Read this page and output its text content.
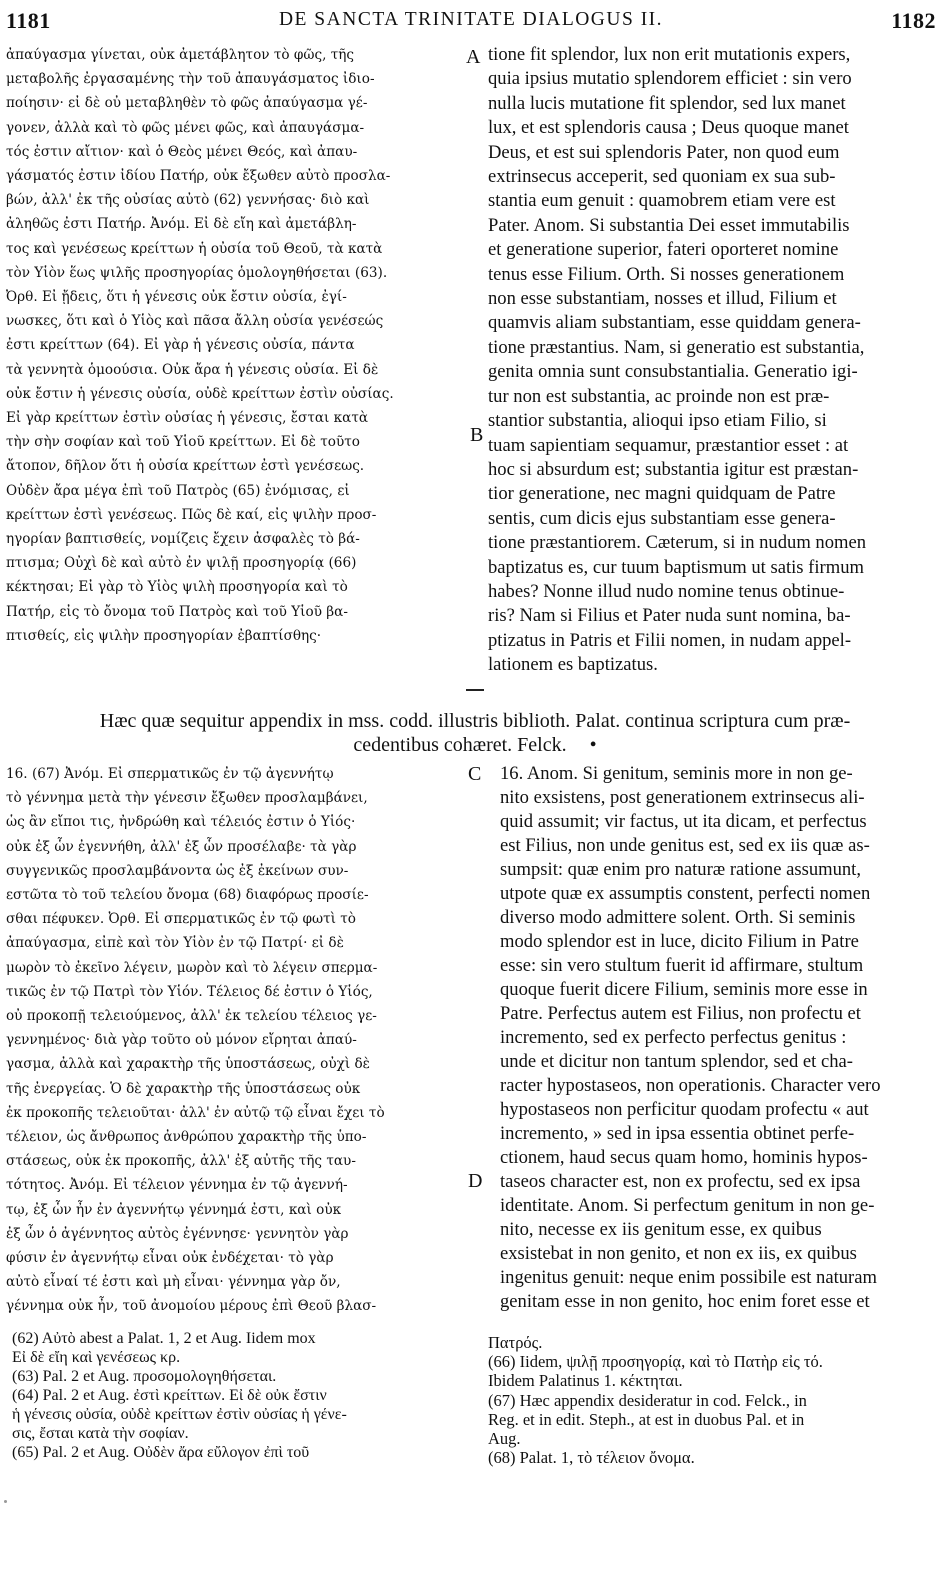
1181	DE SANCTA TRINITATE DIALOGUS II.	1182
ἀπαύγασμα γίνεται, οὐκ ἀμετάβλητον τὸ φῶς, τῆς
μεταβολῆς ἐργασαμένης τὴν τοῦ ἀπαυγάσματος ἰδιο-
ποίησιν· εἰ δὲ οὐ μεταβληθὲν τὸ φῶς ἀπαύγασμα γέ-
γονεν, ἀλλὰ καὶ τὸ φῶς μένει φῶς, καὶ ἀπαυγάσμα-
τός ἐστιν αἴτιον· καὶ ὁ Θεὸς μένει Θεός, καὶ ἀπαυ-
γάσματός ἐστιν ἰδίου Πατήρ, οὐκ ἔξωθεν αὐτὸ προσλα-
βών, ἀλλ' ἐκ τῆς οὐσίας αὐτὸ (62) γεννήσας· διὸ καὶ
ἀληθῶς ἐστι Πατήρ. Ἀνόμ. Εἰ δὲ εἴη καὶ ἀμετάβλη-
τος καὶ γενέσεως κρείττων ἡ οὐσία τοῦ Θεοῦ, τὰ κατὰ
τὸν Υἱὸν ἕως ψιλῆς προσηγορίας ὁμολογηθήσεται (63).
Ὀρθ. Εἰ ᾔδεις, ὅτι ἡ γένεσις οὐκ ἔστιν οὐσία, ἐγί-
νωσκες, ὅτι καὶ ὁ Υἱὸς καὶ πᾶσα ἄλλη οὐσία γενέσεώς
ἐστι κρείττων (64). Εἰ γὰρ ἡ γένεσις οὐσία, πάντα
τὰ γεννητὰ ὁμοούσια. Οὐκ ἄρα ἡ γένεσις οὐσία. Εἰ δὲ
οὐκ ἔστιν ἡ γένεσις οὐσία, οὐδὲ κρείττων ἐστὶν οὐσίας.
Εἰ γὰρ κρείττων ἐστὶν οὐσίας ἡ γένεσις, ἔσται κατὰ
τὴν σὴν σοφίαν καὶ τοῦ Υἱοῦ κρείττων. Εἰ δὲ τοῦτο
ἄτοπον, δῆλον ὅτι ἡ οὐσία κρείττων ἐστὶ γενέσεως.
Οὐδὲν ἄρα μέγα ἐπὶ τοῦ Πατρὸς (65) ἐνόμισας, εἰ
κρείττων ἐστὶ γενέσεως. Πῶς δὲ καί, εἰς ψιλὴν προσ-
ηγορίαν βαπτισθείς, νομίζεις ἔχειν ἀσφαλὲς τὸ βά-
πτισμα; Οὐχὶ δὲ καὶ αὐτὸ ἐν ψιλῇ προσηγορίᾳ (66)
κέκτησαι; Εἰ γὰρ τὸ Υἱὸς ψιλὴ προσηγορία καὶ τὸ
Πατήρ, εἰς τὸ ὄνομα τοῦ Πατρὸς καὶ τοῦ Υἱοῦ βα-
πτισθείς, εἰς ψιλὴν προσηγορίαν ἐβαπτίσθης·
A tione fit splendor, lux non erit mutationis expers,
quia ipsius mutatio splendorem efficiet : sin vero
nulla lucis mutatione fit splendor, sed lux manet
lux, et est splendoris causa ; Deus quoque manet
Deus, et est sui splendoris Pater, non quod eum
extrinsecus acceperit, sed quoniam ex sua sub-
stantia eum genuit : quamobrem etiam vere est
Pater. Anom. Si substantia Dei esset immutabilis
et generatione superior, fateri oporteret nomine
tenus esse Filium. Orth. Si nosses generationem
non esse substantiam, nosses et illud, Filium et
quamvis aliam substantiam, esse quiddam genera-
tione præstantius. Nam, si generatio est substantia,
genita omnia sunt consubstantialia. Generatio igi-
tur non est substantia, ac proinde non est præ-
stantior substantia, alioqui ipso etiam Filio, si
tuam sapientiam sequamur, præstantior esset : at
hoc si absurdum est; substantia igitur est præstan-
tior generatione, nec magni quidquam de Patre
sentis, cum dicis ejus substantiam esse genera-
tione præstantiorem. Cæterum, si in nudum nomen
baptizatus es, cur tuum baptismum ut satis firmum
habes? Nonne illud nudo nomine tenus obtinue-
ris? Nam si Filius et Pater nuda sunt nomina, ba-
ptizatus in Patris et Filii nomen, in nudam appel-
lationem es baptizatus.
B
Hæc quæ sequitur appendix in mss. codd. illustris biblioth. Palat. continua scriptura cum præ-
cedentibus cohæret. Felck. •
16. (67) Ἀνόμ. Εἰ σπερματικῶς ἐν τῷ ἀγεννήτῳ
τὸ γέννημα μετὰ τὴν γένεσιν ἔξωθεν προσλαμβάνει,
ὡς ἂν εἴποι τις, ἠνδρώθη καὶ τέλειός ἐστιν ὁ Υἱός·
οὐκ ἐξ ὧν ἐγεννήθη, ἀλλ' ἐξ ὧν προσέλαβε· τὰ γὰρ
συγγενικῶς προσλαμβάνοντα ὡς ἐξ ἐκείνων συν-
εστῶτα τὸ τοῦ τελείου ὄνομα (68) διαφόρως προσίε-
σθαι πέφυκεν. Ὀρθ. Εἰ σπερματικῶς ἐν τῷ φωτὶ τὸ
ἀπαύγασμα, εἰπὲ καὶ τὸν Υἱὸν ἐν τῷ Πατρί· εἰ δὲ
μωρὸν τὸ ἐκεῖνο λέγειν, μωρὸν καὶ τὸ λέγειν σπερμα-
τικῶς ἐν τῷ Πατρὶ τὸν Υἱόν. Τέλειος δέ ἐστιν ὁ Υἱός,
οὐ προκοπῇ τελειούμενος, ἀλλ' ἐκ τελείου τέλειος γε-
γεννημένος· διὰ γὰρ τοῦτο οὐ μόνον εἴρηται ἀπαύ-
γασμα, ἀλλὰ καὶ χαρακτὴρ τῆς ὑποστάσεως, οὐχὶ δὲ
τῆς ἐνεργείας. Ὁ δὲ χαρακτὴρ τῆς ὑποστάσεως οὐκ
ἐκ προκοπῆς τελειοῦται· ἀλλ' ἐν αὐτῷ τῷ εἶναι ἔχει τὸ
τέλειον, ὡς ἄνθρωπος ἀνθρώπου χαρακτὴρ τῆς ὑπο-
στάσεως, οὐκ ἐκ προκοπῆς, ἀλλ' ἐξ αὐτῆς τῆς ταυ-
τότητος. Ἀνόμ. Εἰ τέλειον γέννημα ἐν τῷ ἀγεννή-
τῳ, ἐξ ὧν ἦν ἐν ἀγεννήτῳ γέννημά ἐστι, καὶ οὐκ
ἐξ ὧν ὁ ἀγέννητος αὐτὸς ἐγέννησε· γεννητὸν γὰρ
φύσιν ἐν ἀγεννήτῳ εἶναι οὐκ ἐνδέχεται· τὸ γὰρ
αὐτὸ εἶναί τέ ἐστι καὶ μὴ εἶναι· γέννημα γὰρ ὄν,
γέννημα οὐκ ἦν, τοῦ ἀνομοίου μέρους ἐπὶ Θεοῦ βλασ-
C 16. Anom. Si genitum, seminis more in non ge-
nito exsistens, post generationem extrinsecus ali-
quid assumit; vir factus, ut ita dicam, et perfectus
est Filius, non unde genitus est, sed ex iis quæ as-
sumpsit: quæ enim pro naturæ ratione assumunt,
utpote quæ ex assumptis constent, perfecti nomen
diverso modo admittere solent. Orth. Si seminis
modo splendor est in luce, dicito Filium in Patre
esse: sin vero stultum fuerit id affirmare, stultum
quoque fuerit dicere Filium, seminis more esse in
Patre. Perfectus autem est Filius, non profectu et
incremento, sed ex perfecto perfectus genitus :
unde et dicitur non tantum splendor, sed et cha-
racter hypostaseos, non operationis. Character vero
hypostaseos non perficitur quodam profectu « aut
incremento, » sed in ipsa essentia obtinet perfe-
ctionem, haud secus quam homo, hominis hypos-
taseos character est, non ex profectu, sed ex ipsa
identitate. Anom. Si perfectum genitum in non ge-
nito, necesse ex iis genitum esse, ex quibus
exsistebat in non genito, et non ex iis, ex quibus
ingenitus genuit: neque enim possibile est naturam
genitam esse in non genito, hoc enim foret esse et
D
(62) Αὐτὸ abest a Palat. 1, 2 et Aug. Iidem mox
Εἰ δὲ εἴη καὶ γενέσεως κρ.
(63) Pal. 2 et Aug. προσομολογηθήσεται.
(64) Pal. 2 et Aug. ἐστὶ κρείττων. Εἰ δὲ οὐκ ἔστιν
ἡ γένεσις οὐσία, οὐδὲ κρείττων ἐστὶν οὐσίας ἡ γένε-
σις, ἔσται κατὰ τὴν σοφίαν.
(65) Pal. 2 et Aug. Οὐδὲν ἄρα εὔλογον ἐπὶ τοῦ
Πατρός.
(66) Iidem, ψιλῇ προσηγορίᾳ, καὶ τὸ Πατὴρ εἰς τό.
Ibidem Palatinus 1. κέκτηται.
(67) Hæc appendix desideratur in cod. Felck., in
Reg. et in edit. Steph., at est in duobus Pal. et in
Aug.
(68) Palat. 1, τὸ τέλειον ὄνομα.
